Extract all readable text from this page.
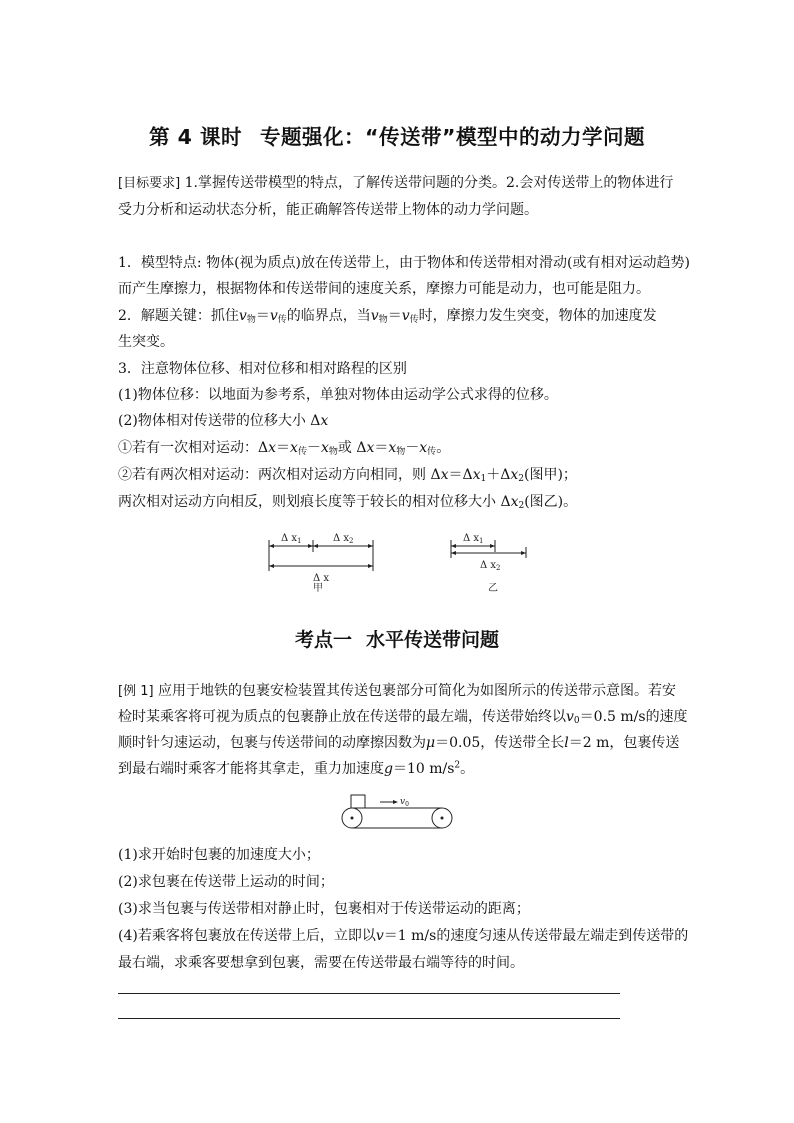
第 4 课时 专题强化：“传送带”模型中的动力学问题
[目标要求] 1.掌握传送带模型的特点，了解传送带问题的分类。2.会对传送带上的物体进行
受力分析和运动状态分析，能正确解答传送带上物体的动力学问题。
1．模型特点: 物体(视为质点)放在传送带上，由于物体和传送带相对滑动(或有相对运动趋势)
而产生摩擦力，根据物体和传送带间的速度关系，摩擦力可能是动力，也可能是阻力。
2．解题关键：抓住$v_物=v_传$的临界点，当$v_物=v_传$时，摩擦力发生突变，物体的加速度发
生突变。
3．注意物体位移、相对位移和相对路程的区别
(1)物体位移：以地面为参考系，单独对物体由运动学公式求得的位移。
(2)物体相对传送带的位移大小 Δx
①若有一次相对运动：$\Delta x=x_传-x_物$或 $\Delta x=x_物-x_传$。
②若有两次相对运动：两次相对运动方向相同，则 $\Delta x=\Delta x_1+\Delta x_2$(图甲)；
两次相对运动方向相反，则划痕长度等于较长的相对位移大小 $\Delta x_2$(图乙)。
Δ $x_1$	Δ $x_2$
Δ x
甲
Δ $x_1$
Δ $x_2$
乙
考点一 水平传送带问题
[例 1] 应用于地铁的包裹安检装置其传送包裹部分可简化为如图所示的传送带示意图。若安
检时某乘客将可视为质点的包裹静止放在传送带的最左端，传送带始终以$v_0=0.5$ m/s的速度
顺时针匀速运动，包裹与传送带间的动摩擦因数为μ＝0.05，传送带全长l＝2 m，包裹传送
到最右端时乘客才能将其拿走，重力加速度g＝10 $m/s^2$。
$v_0$
(1)求开始时包裹的加速度大小；
(2)求包裹在传送带上运动的时间；
(3)求当包裹与传送带相对静止时，包裹相对于传送带运动的距离；
(4)若乘客将包裹放在传送带上后，立即以v＝1 m/s的速度匀速从传送带最左端走到传送带的
最右端，求乘客要想拿到包裹，需要在传送带最右端等待的时间。
